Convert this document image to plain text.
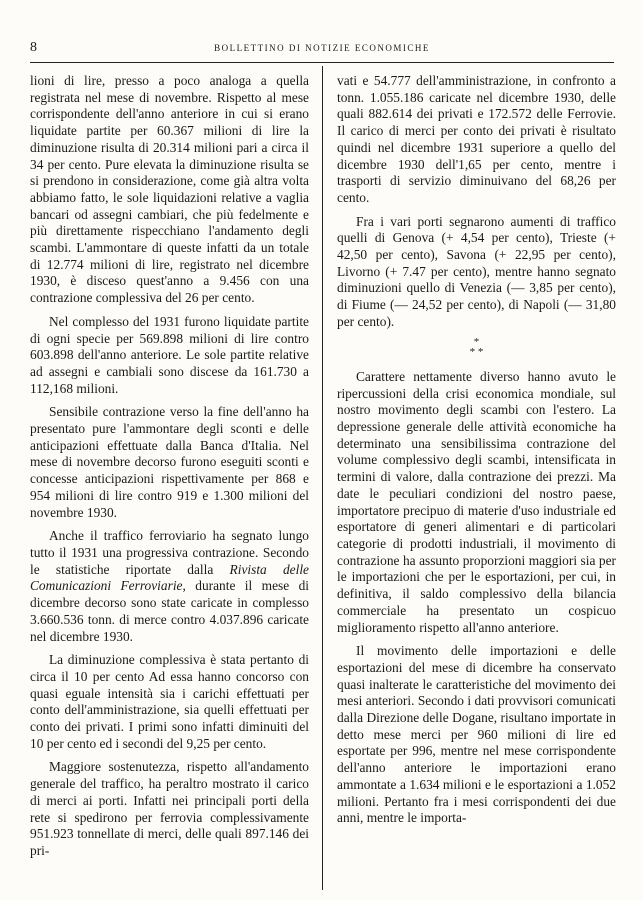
8	BOLLETTINO DI NOTIZIE ECONOMICHE

lioni di lire, presso a poco analoga a quella registrata nel mese di novembre. Rispetto al mese corrispondente dell'anno anteriore in cui si erano liquidate partite per 60.367 milioni di lire la diminuzione risulta di 20.314 milioni pari a circa il 34 per cento. Pure elevata la diminuzione risulta se si prendono in considerazione, come già altra volta abbiamo fatto, le sole liquidazioni relative a vaglia bancari od assegni cambiari, che più fedelmente e più direttamente rispecchiano l'andamento degli scambi. L'ammontare di queste infatti da un totale di 12.774 milioni di lire, registrato nel dicembre 1930, è disceso quest'anno a 9.456 con una contrazione complessiva del 26 per cento.

Nel complesso del 1931 furono liquidate partite di ogni specie per 569.898 milioni di lire contro 603.898 dell'anno anteriore. Le sole partite relative ad assegni e cambiali sono discese da 161.730 a 112,168 milioni.

Sensibile contrazione verso la fine dell'anno ha presentato pure l'ammontare degli sconti e delle anticipazioni effettuate dalla Banca d'Italia. Nel mese di novembre decorso furono eseguiti sconti e concesse anticipazioni rispettivamente per 868 e 954 milioni di lire contro 919 e 1.300 milioni del novembre 1930.

Anche il traffico ferroviario ha segnato lungo tutto il 1931 una progressiva contrazione. Secondo le statistiche riportate dalla Rivista delle Comunicazioni Ferroviarie, durante il mese di dicembre decorso sono state caricate in complesso 3.660.536 tonn. di merce contro 4.037.896 caricate nel dicembre 1930.

La diminuzione complessiva è stata pertanto di circa il 10 per cento Ad essa hanno concorso con quasi eguale intensità sia i carichi effettuati per conto dell'amministrazione, sia quelli effettuati per conto dei privati. I primi sono infatti diminuiti del 10 per cento ed i secondi del 9,25 per cento.

Maggiore sostenutezza, rispetto all'andamento generale del traffico, ha peraltro mostrato il carico di merci ai porti. Infatti nei principali porti della rete si spedirono per ferrovia complessivamente 951.923 tonnellate di merci, delle quali 897.146 dei pri-

vati e 54.777 dell'amministrazione, in confronto a tonn. 1.055.186 caricate nel dicembre 1930, delle quali 882.614 dei privati e 172.572 delle Ferrovie. Il carico di merci per conto dei privati è risultato quindi nel dicembre 1931 superiore a quello del dicembre 1930 dell'1,65 per cento, mentre i trasporti di servizio diminuivano del 68,26 per cento.

Fra i vari porti segnarono aumenti di traffico quelli di Genova (+ 4,54 per cento), Trieste (+ 42,50 per cento), Savona (+ 22,95 per cento), Livorno (+ 7.47 per cento), mentre hanno segnato diminuzioni quello di Venezia (— 3,85 per cento), di Fiume (— 24,52 per cento), di Napoli (— 31,80 per cento).

*
* *

Carattere nettamente diverso hanno avuto le ripercussioni della crisi economica mondiale, sul nostro movimento degli scambi con l'estero. La depressione generale delle attività economiche ha determinato una sensibilissima contrazione del volume complessivo degli scambi, intensificata in termini di valore, dalla contrazione dei prezzi. Ma date le peculiari condizioni del nostro paese, importatore precipuo di materie d'uso industriale ed esportatore di generi alimentari e di particolari categorie di prodotti industriali, il movimento di contrazione ha assunto proporzioni maggiori sia per le importazioni che per le esportazioni, per cui, in definitiva, il saldo complessivo della bilancia commerciale ha presentato un cospicuo miglioramento rispetto all'anno anteriore.

Il movimento delle importazioni e delle esportazioni del mese di dicembre ha conservato quasi inalterate le caratteristiche del movimento dei mesi anteriori. Secondo i dati provvisori comunicati dalla Direzione delle Dogane, risultano importate in detto mese merci per 960 milioni di lire ed esportate per 996, mentre nel mese corrispondente dell'anno anteriore le importazioni erano ammontate a 1.634 milioni e le esportazioni a 1.052 milioni. Pertanto fra i mesi corrispondenti dei due anni, mentre le importa-
